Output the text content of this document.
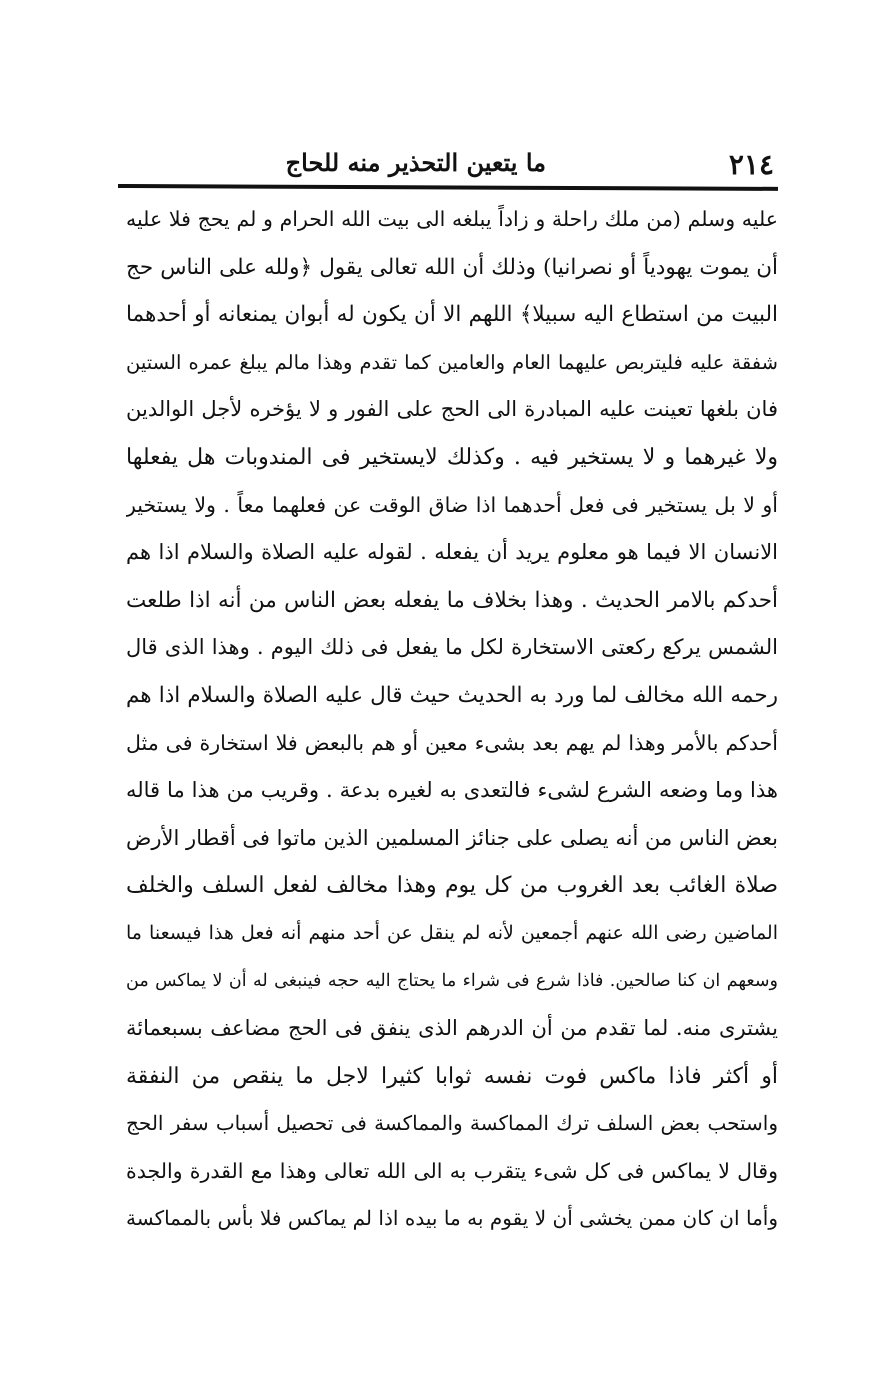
٢١٤
ما يتعين التحذير منه للحاج
عليه وسلم (من ملك راحلة و زاداً يبلغه الى بيت الله الحرام و لم يحج فلا عليه
أن يموت يهودياً أو نصرانيا) وذلك أن الله تعالى يقول ﴿ولله على الناس حج
البيت من استطاع اليه سبيلا﴾ اللهم الا أن يكون له أبوان يمنعانه أو أحدهما
شفقة عليه فليتربص عليهما العام والعامين كما تقدم وهذا مالم يبلغ عمره الستين
فان بلغها تعينت عليه المبادرة الى الحج على الفور و لا يؤخره لأجل الوالدين
ولا غيرهما و لا يستخير فيه . وكذلك لايستخير فى المندوبات هل يفعلها
أو لا بل يستخير فى فعل أحدهما اذا ضاق الوقت عن فعلهما معاً . ولا يستخير
الانسان الا فيما هو معلوم يريد أن يفعله . لقوله عليه الصلاة والسلام اذا هم
أحدكم بالامر الحديث . وهذا بخلاف ما يفعله بعض الناس من أنه اذا طلعت
الشمس يركع ركعتى الاستخارة لكل ما يفعل فى ذلك اليوم . وهذا الذى قال
رحمه الله مخالف لما ورد به الحديث حيث قال عليه الصلاة والسلام اذا هم
أحدكم بالأمر وهذا لم يهم بعد بشىء معين أو هم بالبعض فلا استخارة فى مثل
هذا وما وضعه الشرع لشىء فالتعدى به لغيره بدعة . وقريب من هذا ما قاله
بعض الناس من أنه يصلى على جنائز المسلمين الذين ماتوا فى أقطار الأرض
صلاة الغائب بعد الغروب من كل يوم وهذا مخالف لفعل السلف والخلف
الماضين رضى الله عنهم أجمعين لأنه لم ينقل عن أحد منهم أنه فعل هذا فيسعنا ما
وسعهم ان كنا صالحين. فاذا شرع فى شراء ما يحتاج اليه حجه فينبغى له أن لا يماكس من
يشترى منه. لما تقدم من أن الدرهم الذى ينفق فى الحج مضاعف بسبعمائة
أو أكثر فاذا ماكس فوت نفسه ثوابا كثيرا لاجل ما ينقص من النفقة
واستحب بعض السلف ترك المماكسة والمماكسة فى تحصيل أسباب سفر الحج
وقال لا يماكس فى كل شىء يتقرب به الى الله تعالى وهذا مع القدرة والجدة
وأما ان كان ممن يخشى أن لا يقوم به ما بيده اذا لم يماكس فلا بأس بالمماكسة
